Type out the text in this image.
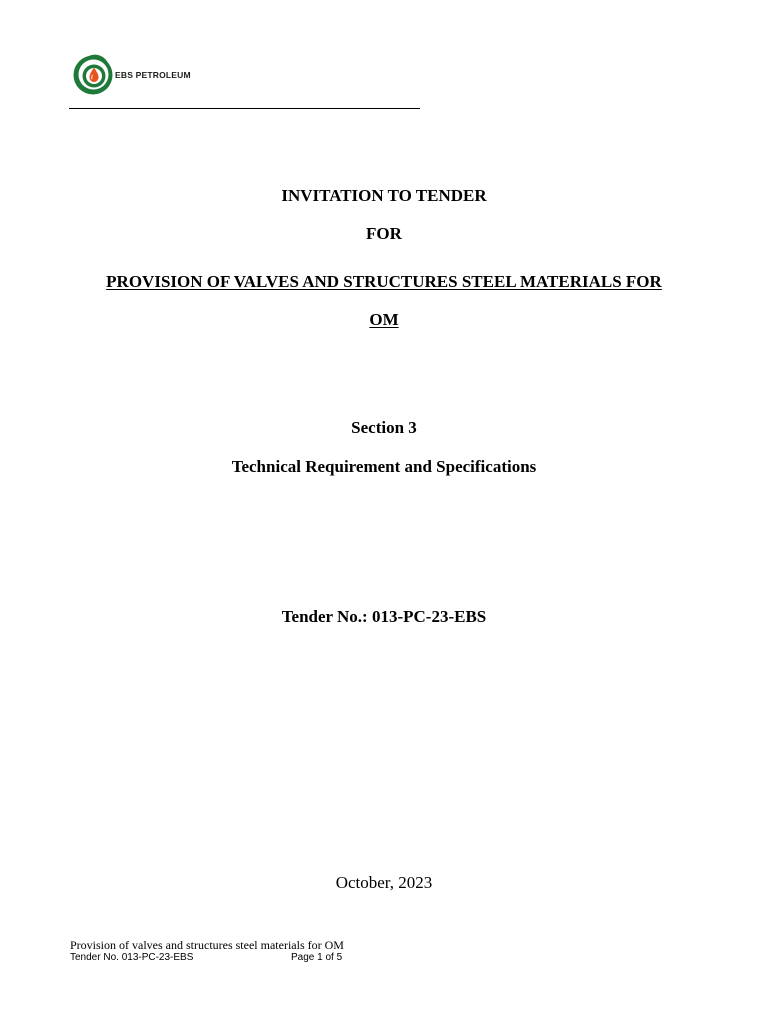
EBS PETROLEUM
INVITATION TO TENDER
FOR
PROVISION OF VALVES AND STRUCTURES STEEL MATERIALS FOR
OM
Section 3
Technical Requirement and Specifications
Tender No.: 013-PC-23-EBS
October, 2023
Provision of valves and structures steel materials for OM
Tender No. 013-PC-23-EBS	Page 1 of 5
